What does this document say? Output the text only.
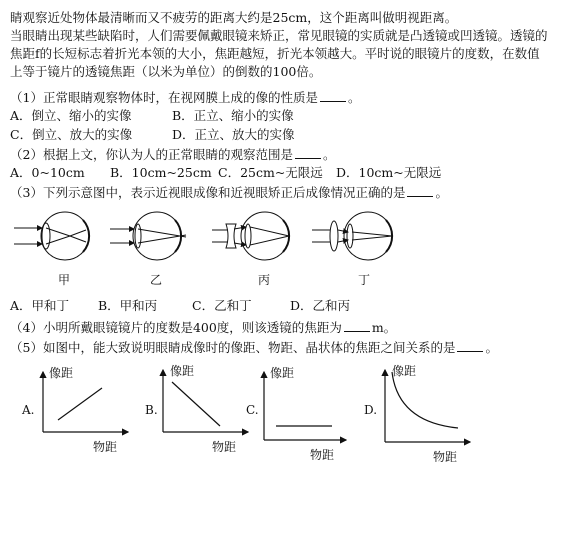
睛观察近处物体最清晰而又不疲劳的距离大约是25cm，这个距离叫做明视距离。
当眼睛出现某些缺陷时，人们需要佩戴眼镜来矫正，常见眼镜的实质就是凸透镜或凹透镜。透镜的
焦距f的长短标志着折光本领的大小，焦距越短，折光本领越大。平时说的眼镜片的度数，在数值
上等于镜片的透镜焦距（以米为单位）的倒数的100倍。
（1）正常眼睛观察物体时，在视网膜上成的像的性质是 。
A．倒立、缩小的实像	B．正立、缩小的实像
C．倒立、放大的实像	D．正立、放大的实像
（2）根据上文，你认为人的正常眼睛的观察范围是 。
A．0~10cm B．10cm~25cm C．25cm~无限远 D．10cm~无限远
（3）下列示意图中，表示近视眼成像和近视眼矫正后成像情况正确的是 。
甲	乙	丙	丁
A．甲和丁 B．甲和丙	C．乙和丁	D．乙和丙
（4）小明所戴眼镜镜片的度数是400度，则该透镜的焦距为 m。
（5）如图中，能大致说明眼睛成像时的像距、物距、晶状体的焦距之间关系的是 。
A.	B.	C.	D.
像距
物距
像距
物距
像距
物距
像距
物距
